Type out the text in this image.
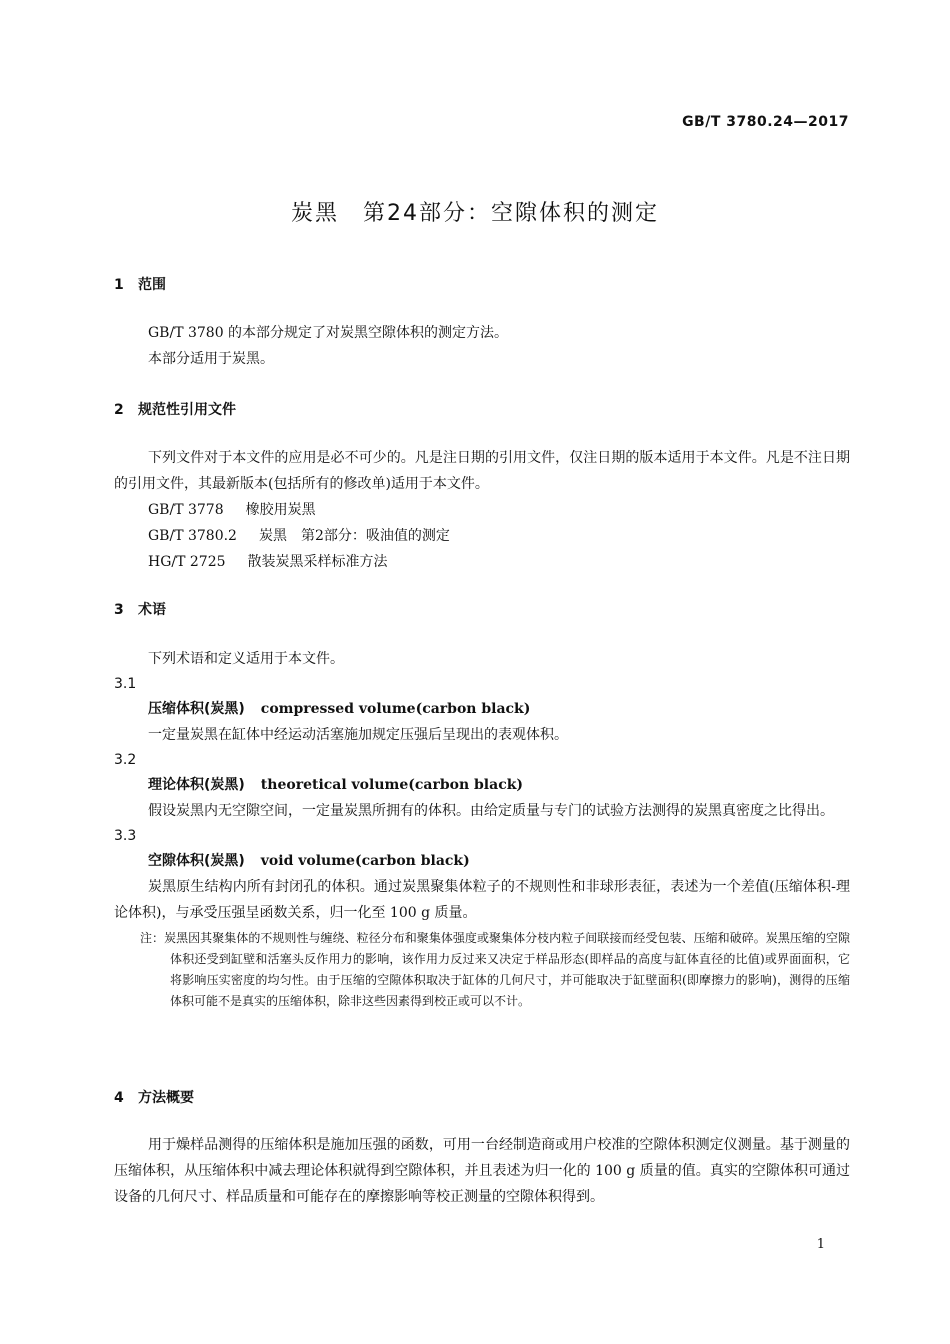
GB/T 3780.24—2017
炭黑　第24部分：空隙体积的测定
1 范围

GB/T 3780 的本部分规定了对炭黑空隙体积的测定方法。

本部分适用于炭黑。

2 规范性引用文件

下列文件对于本文件的应用是必不可少的。凡是注日期的引用文件，仅注日期的版本适用于本文件。凡是不注日期的引用文件，其最新版本(包括所有的修改单)适用于本文件。

GB/T 3778 橡胶用炭黑

GB/T 3780.2 炭黑　第2部分：吸油值的测定

HG/T 2725 散装炭黑采样标准方法

3 术语

下列术语和定义适用于本文件。

3.1
压缩体积(炭黑) compressed volume(carbon black)

一定量炭黑在缸体中经运动活塞施加规定压强后呈现出的表观体积。

3.2
理论体积(炭黑) theoretical volume(carbon black)

假设炭黑内无空隙空间，一定量炭黑所拥有的体积。由给定质量与专门的试验方法测得的炭黑真密度之比得出。

3.3
空隙体积(炭黑) void volume(carbon black)

炭黑原生结构内所有封闭孔的体积。通过炭黑聚集体粒子的不规则性和非球形表征，表述为一个差值(压缩体积-理论体积)，与承受压强呈函数关系，归一化至 100 g 质量。

注：炭黑因其聚集体的不规则性与缠绕、粒径分布和聚集体强度或聚集体分枝内粒子间联接而经受包装、压缩和破碎。炭黑压缩的空隙体积还受到缸壁和活塞头反作用力的影响，该作用力反过来又决定于样品形态(即样品的高度与缸体直径的比值)或界面面积，它将影响压实密度的均匀性。由于压缩的空隙体积取决于缸体的几何尺寸，并可能取决于缸壁面积(即摩擦力的影响)，测得的压缩体积可能不是真实的压缩体积，除非这些因素得到校正或可以不计。

4 方法概要

用于燥样品测得的压缩体积是施加压强的函数，可用一台经制造商或用户校准的空隙体积测定仪测量。基于测量的压缩体积，从压缩体积中减去理论体积就得到空隙体积，并且表述为归一化的 100 g 质量的值。真实的空隙体积可通过设备的几何尺寸、样品质量和可能存在的摩擦影响等校正测量的空隙体积得到。

1
